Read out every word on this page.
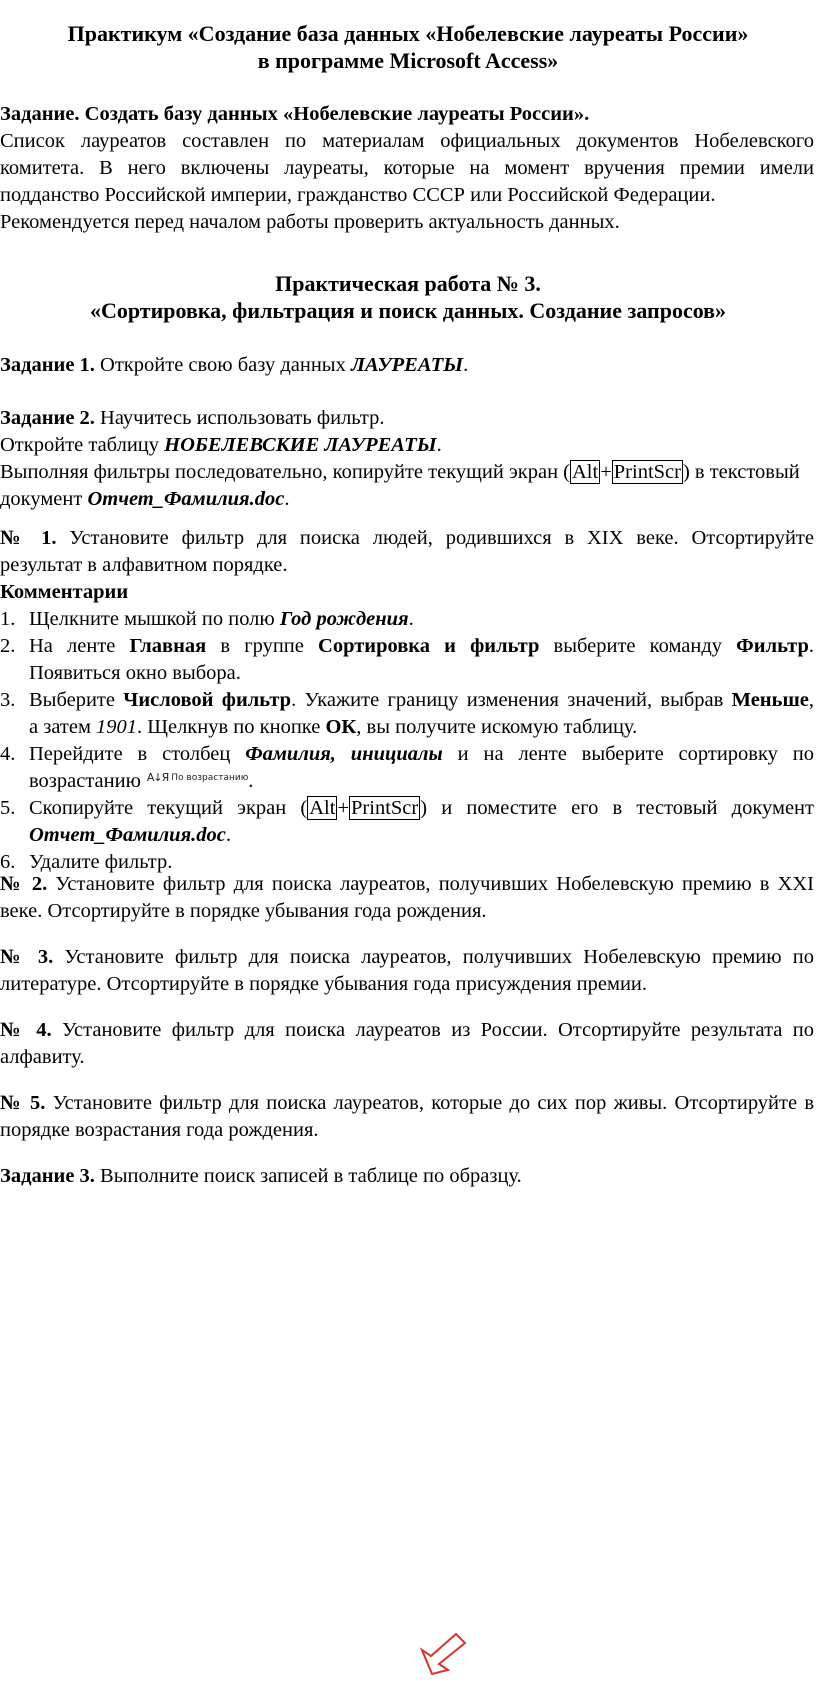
Практикум «Создание база данных «Нобелевские лауреаты России»
в программе Microsoft Access»
Задание. Создать базу данных «Нобелевские лауреаты России».
Список лауреатов составлен по материалам официальных документов Нобелевского
комитета. В него включены лауреаты, которые на момент вручения премии имели
подданство Российской империи, гражданство СССР или Российской Федерации.
Рекомендуется перед началом работы проверить актуальность данных.
Практическая работа № 3.
«Сортировка, фильтрация и поиск данных. Создание запросов»
Задание 1. Откройте свою базу данных ЛАУРЕАТЫ.
Задание 2. Научитесь использовать фильтр.
Откройте таблицу НОБЕЛЕВСКИЕ ЛАУРЕАТЫ.
Выполняя фильтры последовательно, копируйте текущий экран (Alt+PrintScr) в текстовый
документ Отчет_Фамилия.doc.
№ 1. Установите фильтр для поиска людей, родившихся в XIX веке. Отсортируйте
результат в алфавитном порядке.
Комментарии
1. Щелкните мышкой по полю Год рождения.
2. На ленте Главная в группе Сортировка и фильтр выберите команду Фильтр.
Появиться окно выбора.
3. Выберите Числовой фильтр. Укажите границу изменения значений, выбрав Меньше,
а затем 1901. Щелкнув по кнопке ОК, вы получите искомую таблицу.
4. Перейдите в столбец Фамилия, инициалы и на ленте выберите сортировку по
возрастанию A↓Я По возрастанию .
5. Скопируйте текущий экран (Alt+PrintScr) и поместите его в тестовый документ
Отчет_Фамилия.doc.
6. Удалите фильтр.
№ 2. Установите фильтр для поиска лауреатов, получивших Нобелевскую премию в XXI
веке. Отсортируйте в порядке убывания года рождения.
№ 3. Установите фильтр для поиска лауреатов, получивших Нобелевскую премию по
литературе. Отсортируйте в порядке убывания года присуждения премии.
№ 4. Установите фильтр для поиска лауреатов из России. Отсортируйте результата по
алфавиту.
№ 5. Установите фильтр для поиска лауреатов, которые до сих пор живы. Отсортируйте в
порядке возрастания года рождения.
Задание 3. Выполните поиск записей в таблице по образцу.
